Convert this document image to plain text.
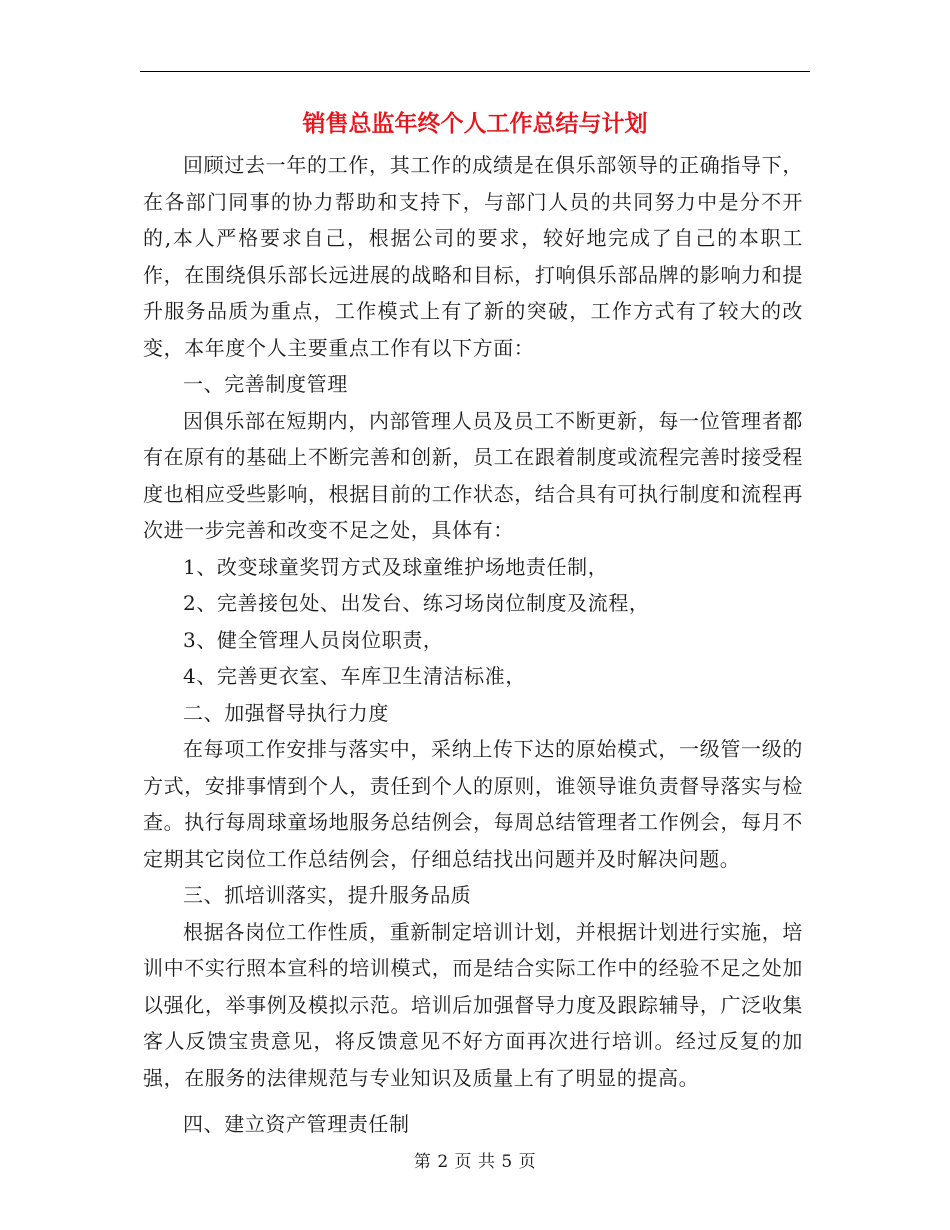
销售总监年终个人工作总结与计划

回顾过去一年的工作，其工作的成绩是在俱乐部领导的正确指导下，在各部门同事的协力帮助和支持下，与部门人员的共同努力中是分不开的,本人严格要求自己，根据公司的要求，较好地完成了自己的本职工作，在围绕俱乐部长远进展的战略和目标，打响俱乐部品牌的影响力和提升服务品质为重点，工作模式上有了新的突破，工作方式有了较大的改变，本年度个人主要重点工作有以下方面：

一、完善制度管理

因俱乐部在短期内，内部管理人员及员工不断更新，每一位管理者都有在原有的基础上不断完善和创新，员工在跟着制度或流程完善时接受程度也相应受些影响，根据目前的工作状态，结合具有可执行制度和流程再次进一步完善和改变不足之处，具体有：

1、改变球童奖罚方式及球童维护场地责任制，

2、完善接包处、出发台、练习场岗位制度及流程，

3、健全管理人员岗位职责，

4、完善更衣室、车库卫生清洁标准，

二、加强督导执行力度

在每项工作安排与落实中，采纳上传下达的原始模式，一级管一级的方式，安排事情到个人，责任到个人的原则，谁领导谁负责督导落实与检查。执行每周球童场地服务总结例会，每周总结管理者工作例会，每月不定期其它岗位工作总结例会，仔细总结找出问题并及时解决问题。

三、抓培训落实，提升服务品质

根据各岗位工作性质，重新制定培训计划，并根据计划进行实施，培训中不实行照本宣科的培训模式，而是结合实际工作中的经验不足之处加以强化，举事例及模拟示范。培训后加强督导力度及跟踪辅导，广泛收集客人反馈宝贵意见，将反馈意见不好方面再次进行培训。经过反复的加强，在服务的法律规范与专业知识及质量上有了明显的提高。

四、建立资产管理责任制

第 2 页 共 5 页
